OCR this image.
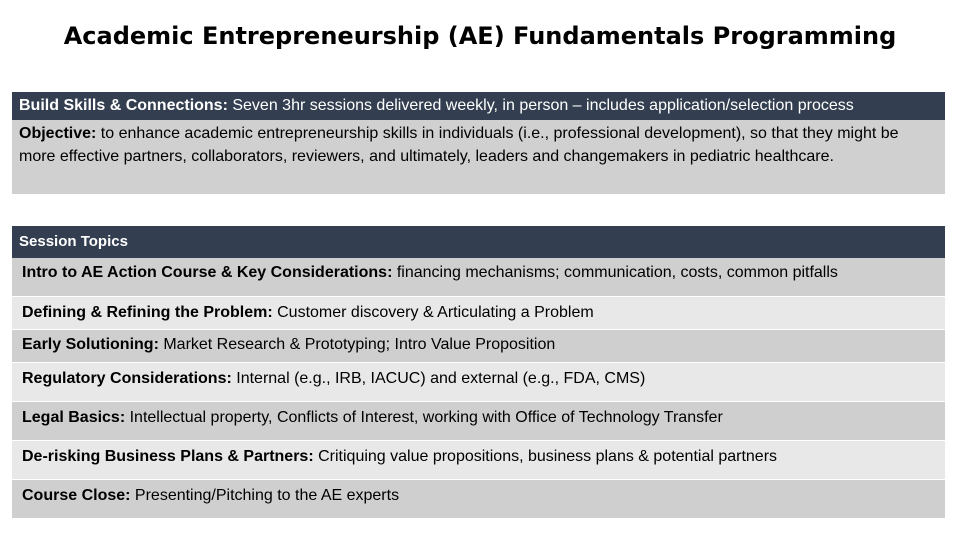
Academic Entrepreneurship (AE) Fundamentals Programming
Build Skills & Connections: Seven 3hr sessions delivered weekly, in person – includes application/selection process
Objective: to enhance academic entrepreneurship skills in individuals (i.e., professional development), so that they might be more effective partners, collaborators, reviewers, and ultimately, leaders and changemakers in pediatric healthcare.
Session Topics
Intro to AE Action Course & Key Considerations: financing mechanisms; communication, costs, common pitfalls
Defining & Refining the Problem: Customer discovery & Articulating a Problem
Early Solutioning: Market Research & Prototyping; Intro Value Proposition
Regulatory Considerations: Internal (e.g., IRB, IACUC) and external (e.g., FDA, CMS)
Legal Basics: Intellectual property, Conflicts of Interest, working with Office of Technology Transfer
De-risking Business Plans & Partners: Critiquing value propositions, business plans & potential partners
Course Close: Presenting/Pitching to the AE experts
